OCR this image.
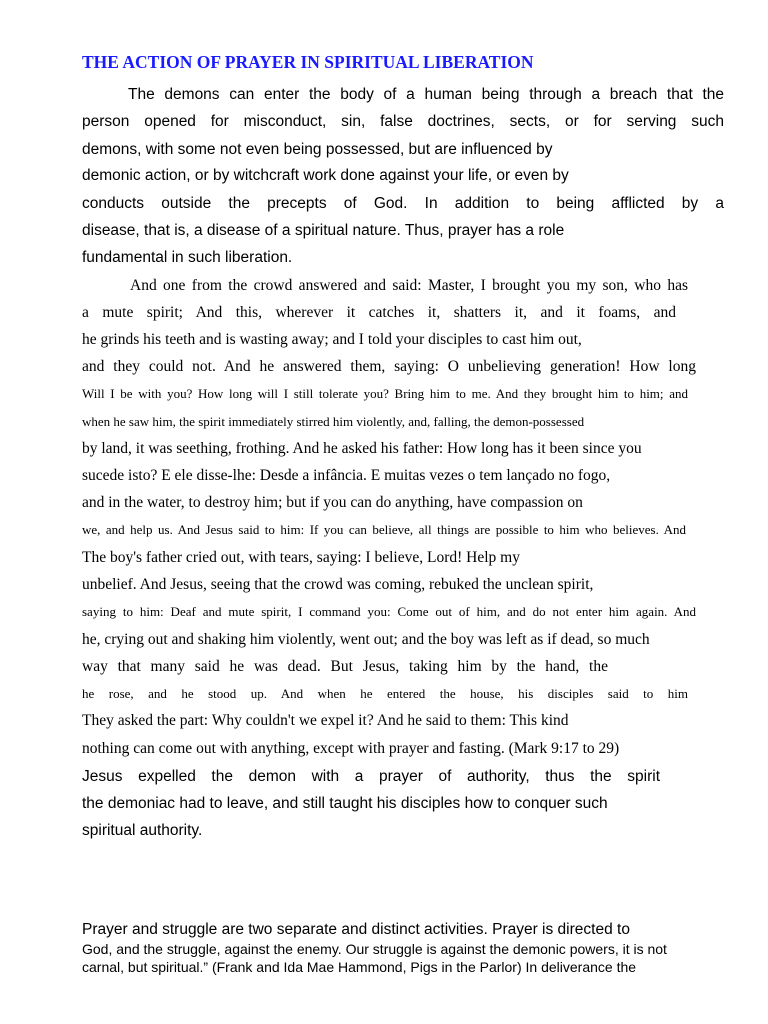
THE ACTION OF PRAYER IN SPIRITUAL LIBERATION

The demons can enter the body of a human being through a breach that the

person opened for misconduct, sin, false doctrines, sects, or for serving such

demons, with some not even being possessed, but are influenced by

demonic action, or by witchcraft work done against your life, or even by

conducts outside the precepts of God. In addition to being afflicted by a

disease, that is, a disease of a spiritual nature. Thus, prayer has a role

fundamental in such liberation.

And one from the crowd answered and said: Master, I brought you my son, who has

a mute spirit; And this, wherever it catches it, shatters it, and it foams, and

he grinds his teeth and is wasting away; and I told your disciples to cast him out,

and they could not. And he answered them, saying: O unbelieving generation! How long

Will I be with you? How long will I still tolerate you? Bring him to me. And they brought him to him; and

when he saw him, the spirit immediately stirred him violently, and, falling, the demon-possessed

by land, it was seething, frothing. And he asked his father: How long has it been since you

sucede isto? E ele disse-lhe: Desde a infância. E muitas vezes o tem lançado no fogo,

and in the water, to destroy him; but if you can do anything, have compassion on

we, and help us. And Jesus said to him: If you can believe, all things are possible to him who believes. And

The boy's father cried out, with tears, saying: I believe, Lord! Help my

unbelief. And Jesus, seeing that the crowd was coming, rebuked the unclean spirit,

saying to him: Deaf and mute spirit, I command you: Come out of him, and do not enter him again. And

he, crying out and shaking him violently, went out; and the boy was left as if dead, so much

way that many said he was dead. But Jesus, taking him by the hand, the

he rose, and he stood up. And when he entered the house, his disciples said to him

They asked the part: Why couldn't we expel it? And he said to them: This kind

nothing can come out with anything, except with prayer and fasting. (Mark 9:17 to 29)

Jesus expelled the demon with a prayer of authority, thus the spirit

the demoniac had to leave, and still taught his disciples how to conquer such

spiritual authority.

Prayer and struggle are two separate and distinct activities. Prayer is directed to

God, and the struggle, against the enemy. Our struggle is against the demonic powers, it is not

carnal, but spiritual.” (Frank and Ida Mae Hammond, Pigs in the Parlor) In deliverance the
